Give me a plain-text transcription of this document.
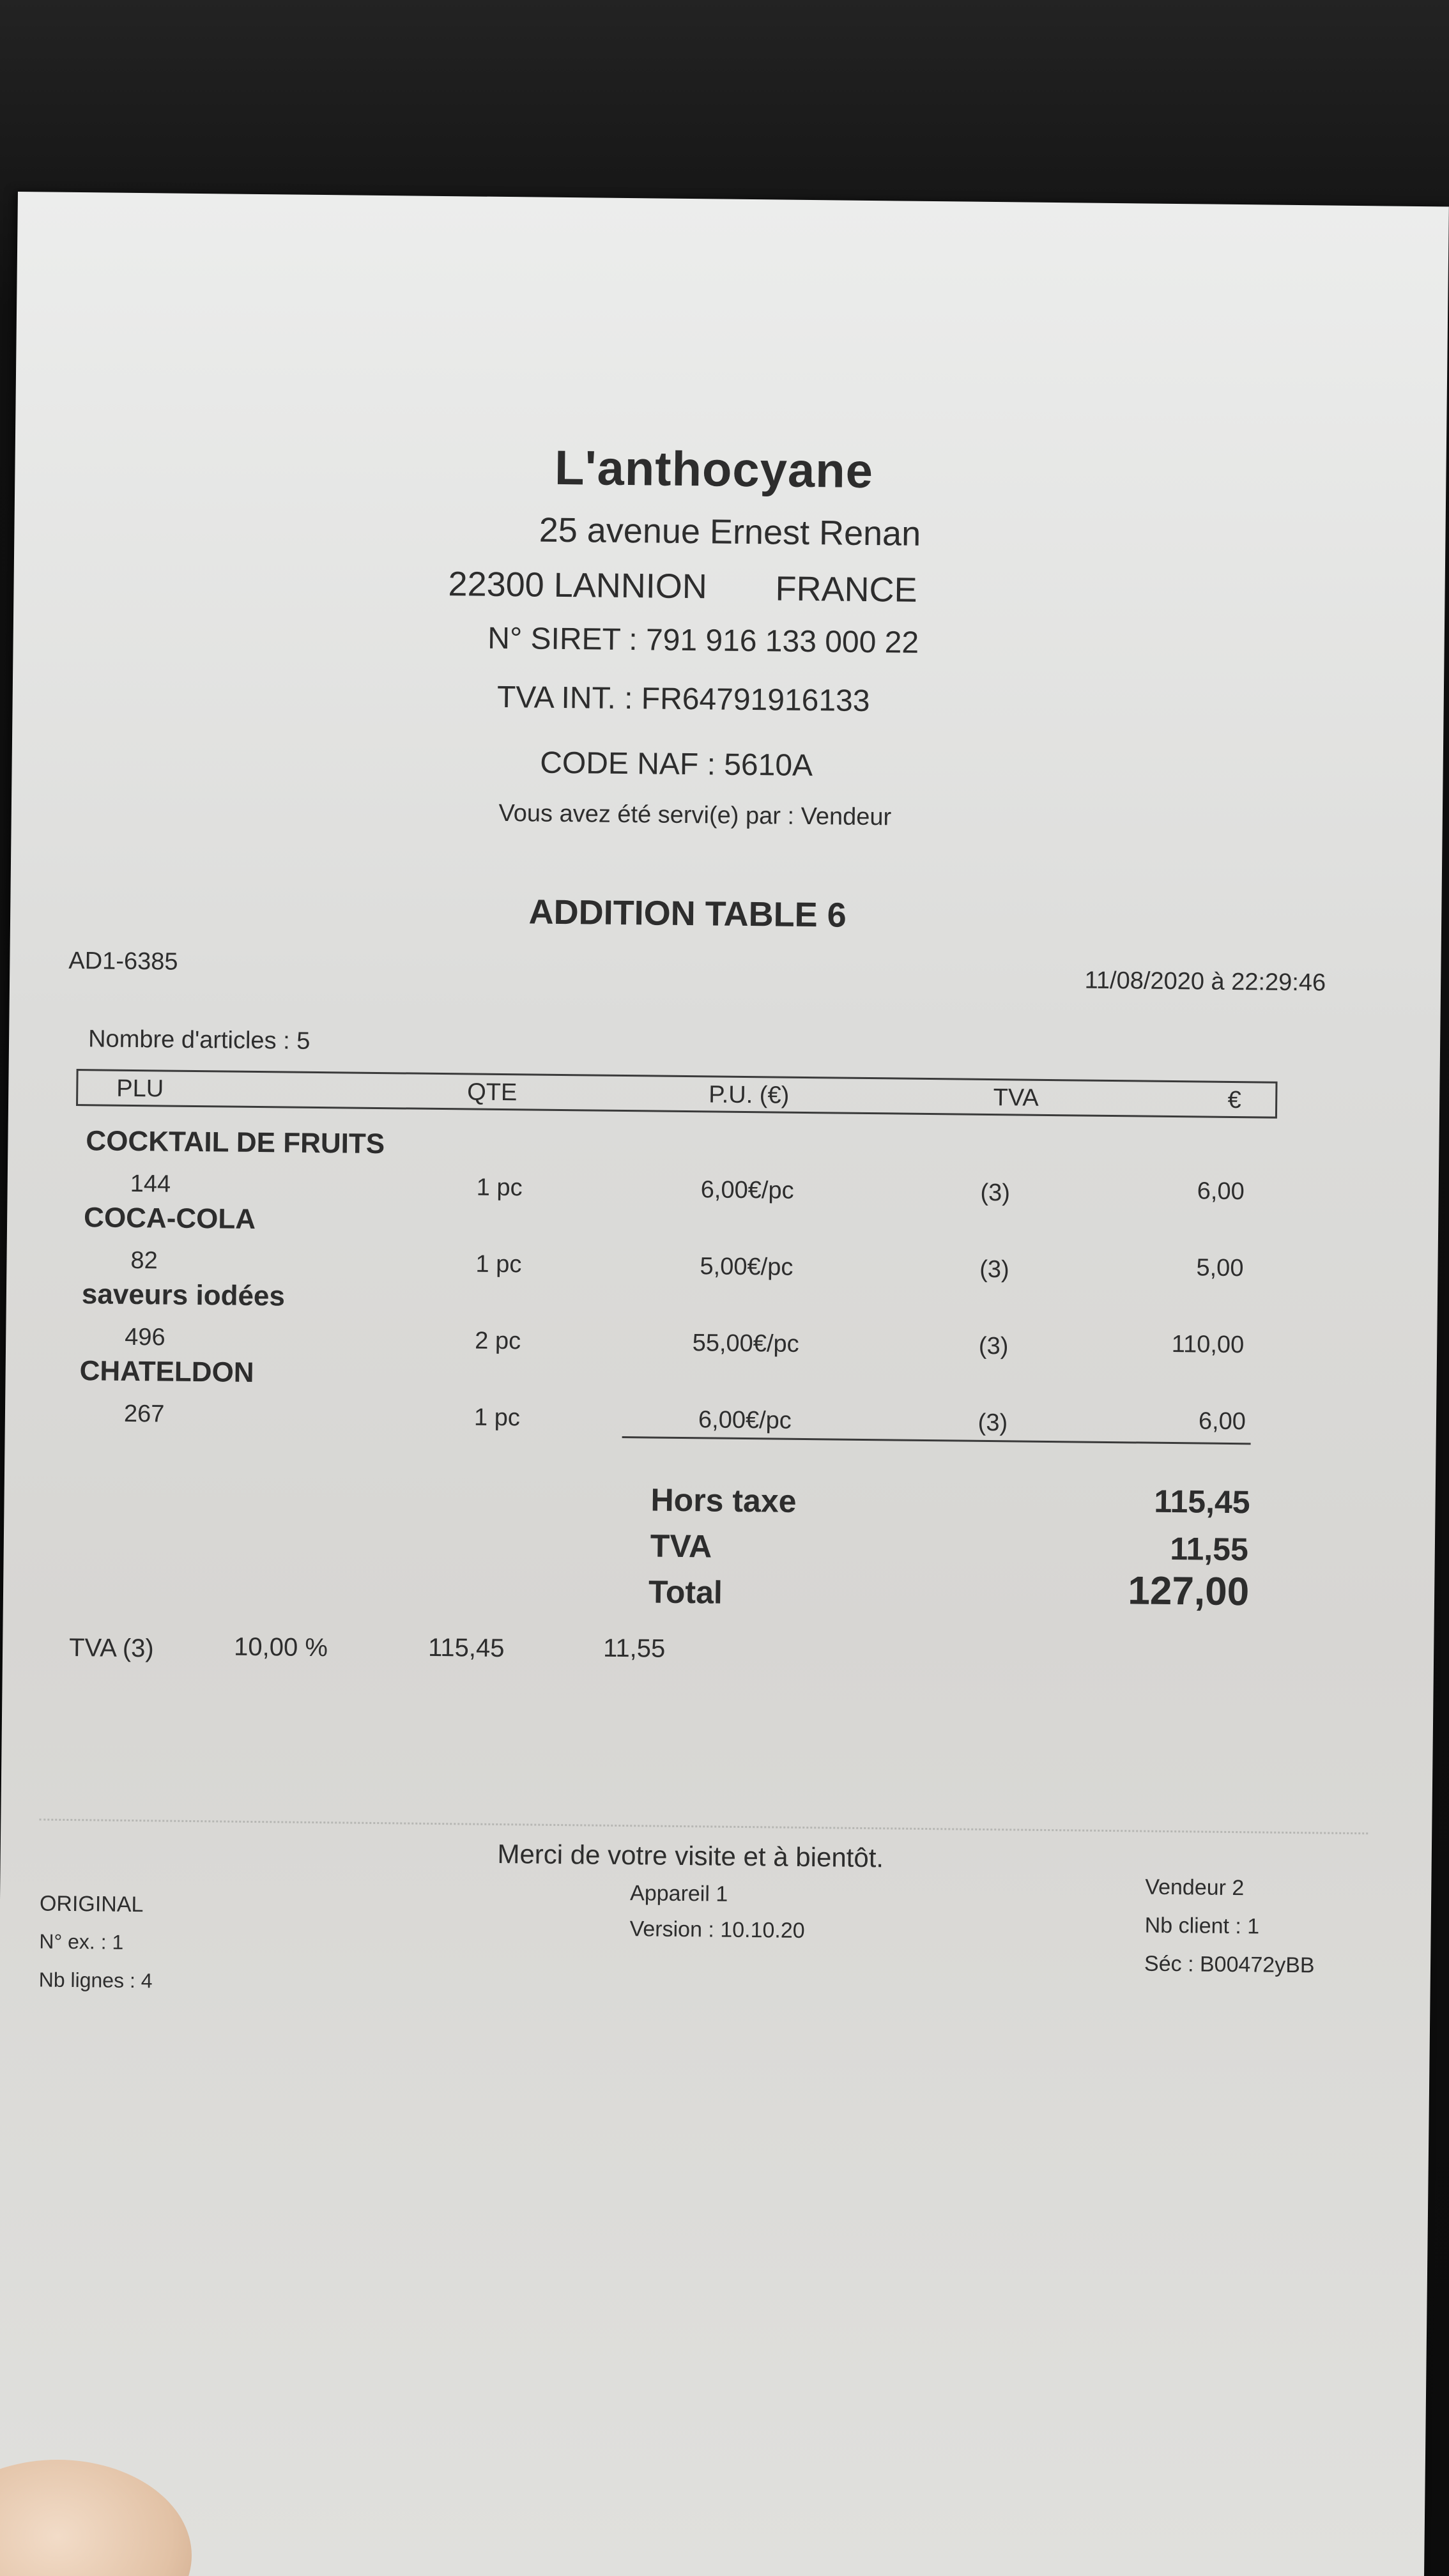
L'anthocyane
25 avenue Ernest Renan
22300 LANNION FRANCE
N° SIRET : 791 916 133 000 22
TVA INT. : FR64791916133
CODE NAF : 5610A
Vous avez été servi(e) par : Vendeur
ADDITION TABLE 6
AD1-6385
11/08/2020 à 22:29:46
Nombre d'articles : 5
PLU	QTE	P.U. (€)	TVA	€
COCKTAIL DE FRUITS
144	1 pc	6,00€/pc	(3)	6,00
COCA-COLA
82	1 pc	5,00€/pc	(3)	5,00
saveurs iodées
496	2 pc	55,00€/pc	(3)	110,00
CHATELDON
267	1 pc	6,00€/pc	(3)	6,00
Hors taxe	115,45
TVA	11,55
Total	127,00
TVA (3)	10,00 %	115,45	11,55
Merci de votre visite et à bientôt.
ORIGINAL
N° ex. : 1
Nb lignes : 4
Appareil 1
Version : 10.10.20
Vendeur 2
Nb client : 1
Séc : B00472yBB
